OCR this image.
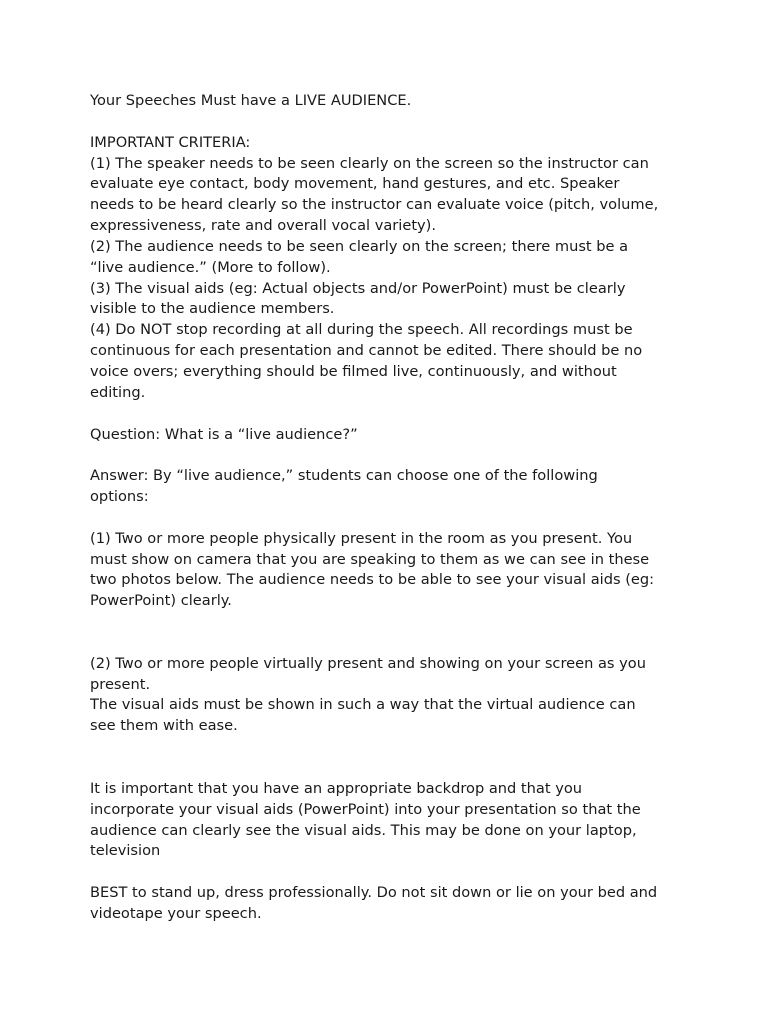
Your Speeches Must have a LIVE AUDIENCE.
IMPORTANT CRITERIA:
(1) The speaker needs to be seen clearly on the screen so the instructor can
evaluate eye contact, body movement, hand gestures, and etc. Speaker
needs to be heard clearly so the instructor can evaluate voice (pitch, volume,
expressiveness, rate and overall vocal variety).
(2) The audience needs to be seen clearly on the screen; there must be a
“live audience.” (More to follow).
(3) The visual aids (eg: Actual objects and/or PowerPoint) must be clearly
visible to the audience members.
(4) Do NOT stop recording at all during the speech. All recordings must be
continuous for each presentation and cannot be edited. There should be no
voice overs; everything should be filmed live, continuously, and without
editing.
Question: What is a “live audience?”
Answer: By “live audience,” students can choose one of the following
options:
(1) Two or more people physically present in the room as you present. You
must show on camera that you are speaking to them as we can see in these
two photos below. The audience needs to be able to see your visual aids (eg:
PowerPoint) clearly.
(2) Two or more people virtually present and showing on your screen as you
present.
The visual aids must be shown in such a way that the virtual audience can
see them with ease.
It is important that you have an appropriate backdrop and that you
incorporate your visual aids (PowerPoint) into your presentation so that the
audience can clearly see the visual aids. This may be done on your laptop,
television
BEST to stand up, dress professionally. Do not sit down or lie on your bed and
videotape your speech.
